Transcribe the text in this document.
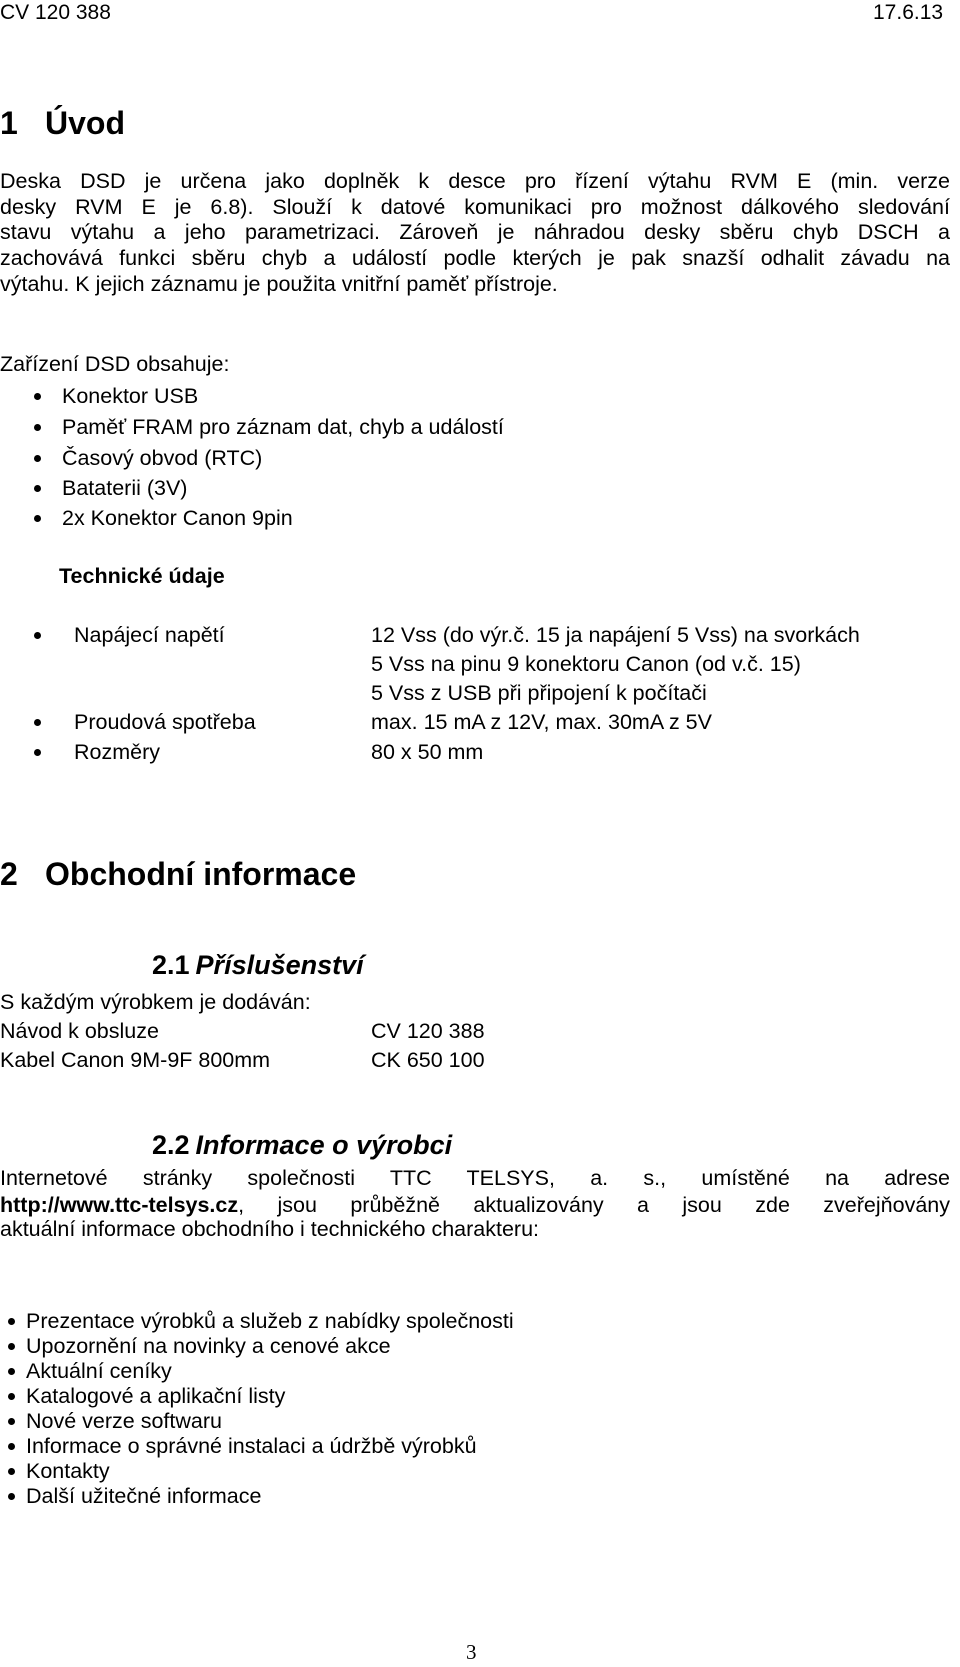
CV 120 388	17.6.13
1 Úvod
Deska DSD je určena jako doplněk k desce pro řízení výtahu RVM E (min. verze
desky RVM E je 6.8). Slouží k datové komunikaci pro možnost dálkového sledování
stavu výtahu a jeho parametrizaci. Zároveň je náhradou desky sběru chyb DSCH a
zachovává funkci sběru chyb a událostí podle kterých je pak snazší odhalit závadu na
výtahu. K jejich záznamu je použita vnitřní paměť přístroje.
Zařízení DSD obsahuje:
Konektor USB
Paměť FRAM pro záznam dat, chyb a událostí
Časový obvod (RTC)
Bataterii (3V)
2x Konektor Canon 9pin
Technické údaje
Napájecí napětí	12 Vss (do výr.č. 15 ja napájení 5 Vss) na svorkách
5 Vss na pinu 9 konektoru Canon (od v.č. 15)
5 Vss z USB při připojení k počítači
Proudová spotřeba	max. 15 mA z 12V, max. 30mA z 5V
Rozměry	80 x 50 mm
2 Obchodní informace
2.1 Příslušenství
S každým výrobkem je dodáván:
Návod k obsluze	CV 120 388
Kabel Canon 9M-9F 800mm	CK 650 100
2.2 Informace o výrobci
Internetové stránky společnosti TTC TELSYS, a. s., umístěné na adrese
aktuální informace obchodního i technického charakteru:
http://www.ttc-telsys.cz, jsou průběžně aktualizovány a jsou zde zveřejňovány
Prezentace výrobků a služeb z nabídky společnosti
Upozornění na novinky a cenové akce
Aktuální ceníky
Katalogové a aplikační listy
Nové verze softwaru
Informace o správné instalaci a údržbě výrobků
Kontakty
Další užitečné informace
3
